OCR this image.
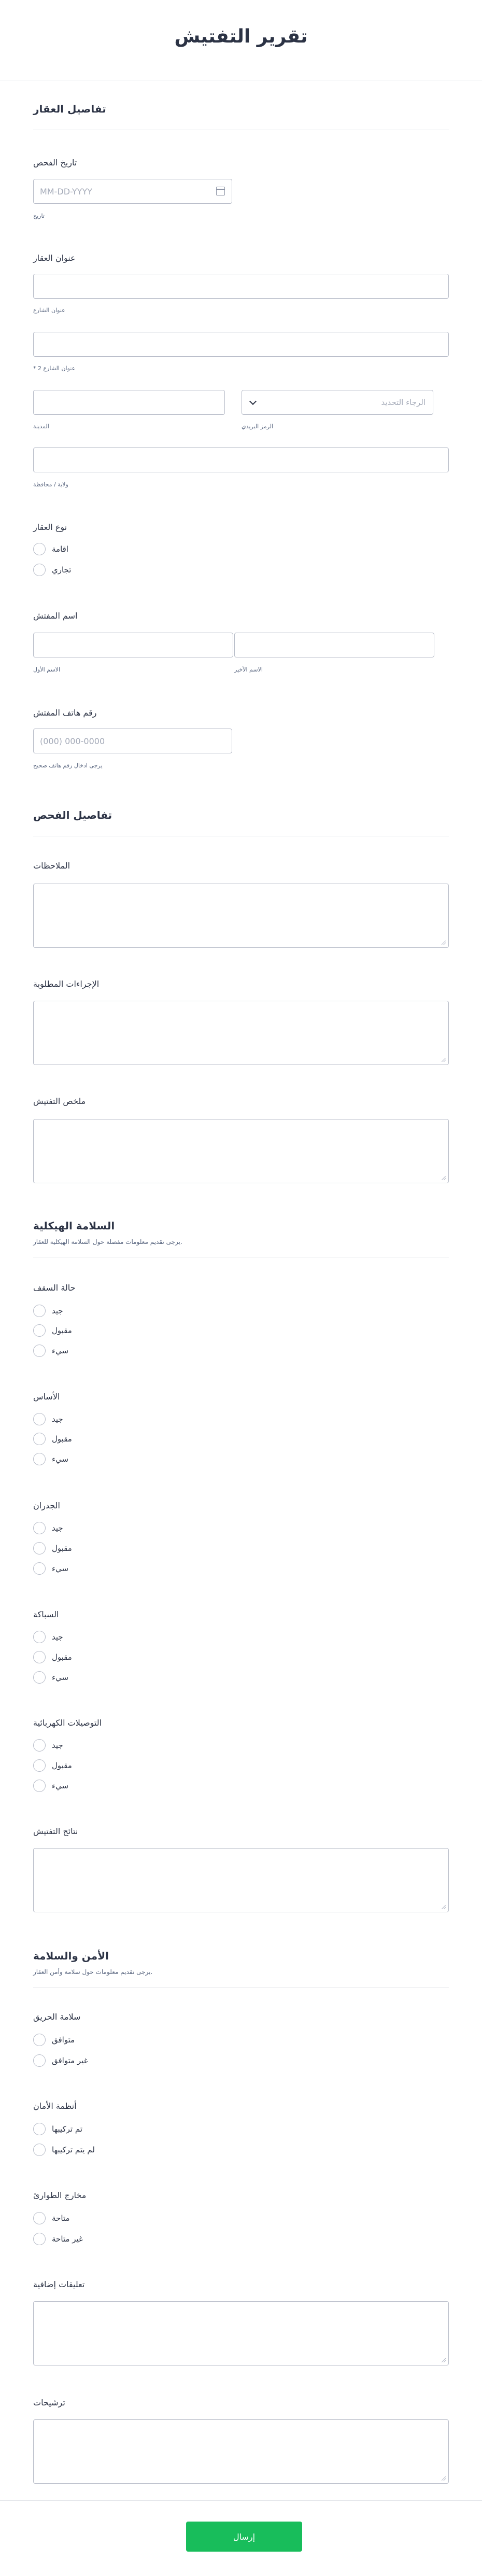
تقرير التفتيش
تفاصيل العقار
تاريخ الفحص
MM-DD-YYYY
تاريخ
عنوان العقار
عنوان الشارع
* عنوان الشارع 2
المدينة
الرجاء التحديد
الرمز البريدي
ولاية / محافظة
نوع العقار
اقامة
تجاري
اسم المفتش
الاسم الأول	الاسم الأخير
رقم هاتف المفتش
(000) 000-0000
يرجى ادخال رقم هاتف صحيح
تفاصيل الفحص
الملاحظات
الإجراءات المطلوبة
ملخص التفتيش
السلامة الهيكلية
يرجى تقديم معلومات مفصلة حول السلامة الهيكلية للعقار.
حالة السقف
جيد
مقبول
سيء
الأساس
جيد
مقبول
سيء
الجدران
جيد
مقبول
سيء
السباكة
جيد
مقبول
سيء
التوصيلات الكهربائية
جيد
مقبول
سيء
نتائج التفتيش
الأمن والسلامة
يرجى تقديم معلومات حول سلامة وأمن العقار.
سلامة الحريق
متوافق
غير متوافق
أنظمة الأمان
تم تركيبها
لم يتم تركيبها
مخارج الطوارئ
متاحة
غير متاحة
تعليقات إضافية
ترشيحات
إرسال
